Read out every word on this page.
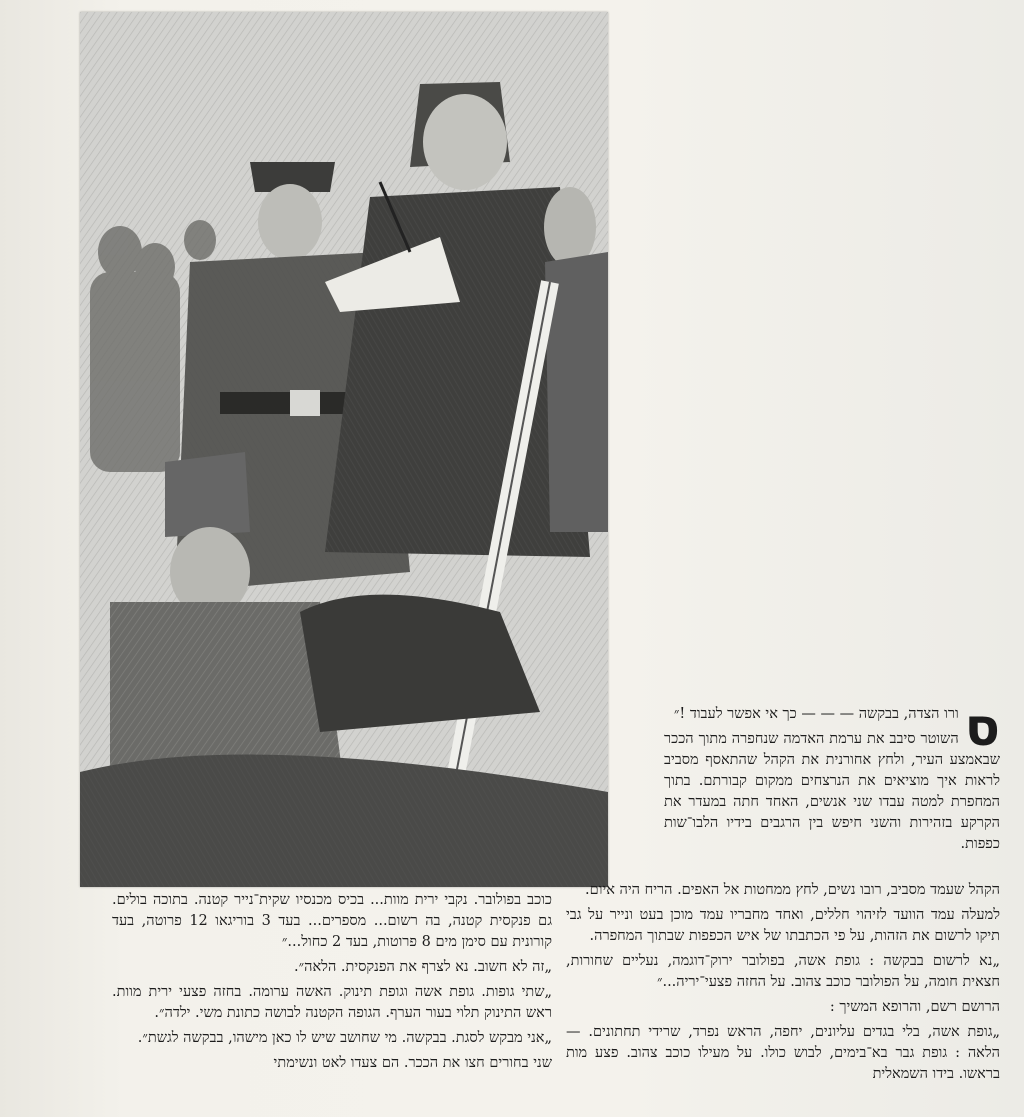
ס

ורו הצדה, בבקשה — — — כך אי אפשר לעבוד !״

השוטר סיבב את ערמת האדמה שנחפרה מתוך הככר שבאמצע העיר, ולחץ אחורנית את הקהל שהתאסף מסביב לראות איך מוציאים את הנרצחים ממקום קבורתם. בתוך המחפרת למטה עבדו שני אנשים, האחד חתה במעדר את הקרקע בזהירות והשני חיפש בין הרגבים בידיו הלבו־שות כפפות.

הקהל שעמד מסביב, רובו נשים, לחץ ממחטות אל האפים. הריח היה איום.

למעלה עמד הוועד לזיהוי חללים, ואחד מחבריו עמד מוכן בעט ונייר על גבי תיקו לרשום את הזהות, על פי הכתבתו של איש הכפפות שבתוך המחפרה.

„נא לרשום בבקשה : גופת אשה, בפולובר ירוק־דוגמה, נעליים שחורות, חצאית חומה, על הפולובר כוכב צהוב. על החזה פצעי־יריה...״

הרושם רשם, והרופא המשיך :

„גופת אשה, בלי בגדים עליונים, יחפה, הראש נפרד, שרידי תחתונים. — הלאה : גופת גבר בא־בימים, לבוש כולו. על מעילו כוכב צהוב. פצע מות בראשו. בידו השמאלית

כוכב בפולובר. נקבי ירית מוות... בכיס מכנסיו שקית־נייר קטנה. בתוכה בולים. גם פנקסית קטנה, בה רשום... מספרים... בעד 3 בוריגאו 12 פרוטה, בעד קורונית עם סימן מים 8 פרוטות, בעד 2 כחול...״

„זה לא חשוב. נא לצרף את הפנקסית. הלאה״.

„שתי גופות. גופת אשה וגופת תינוק. האשה ערומה. בחזה פצעי ירית מוות. ראש התינוק תלוי בעור הערף. הגופה הקטנה לבושה כתונת משי. ילדה״.

„אני מבקש לסגת. בבקשה. מי שחושב שיש לו כאן מישהו, בבקשה לגשת״.

שני בחורים חצו את הככר. הם צעדו לאט ונשימתי
